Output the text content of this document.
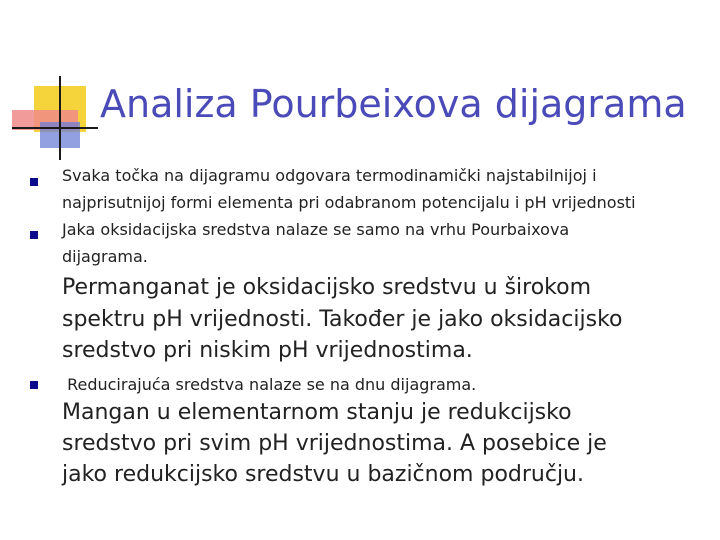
Analiza Pourbeixova dijagrama
Svaka točka na dijagramu odgovara termodinamički najstabilnijoj i
najprisutnijoj formi elementa pri odabranom potencijalu i pH vrijednosti
Jaka oksidacijska sredstva nalaze se samo na vrhu Pourbaixova
dijagrama.
Permanganat je oksidacijsko sredstvu u širokom
spektru pH vrijednosti. Također je jako oksidacijsko
sredstvo pri niskim pH vrijednostima.
Reducirajuća sredstva nalaze se na dnu dijagrama.
Mangan u elementarnom stanju je redukcijsko
sredstvo pri svim pH vrijednostima. A posebice je
jako redukcijsko sredstvu u bazičnom području.
